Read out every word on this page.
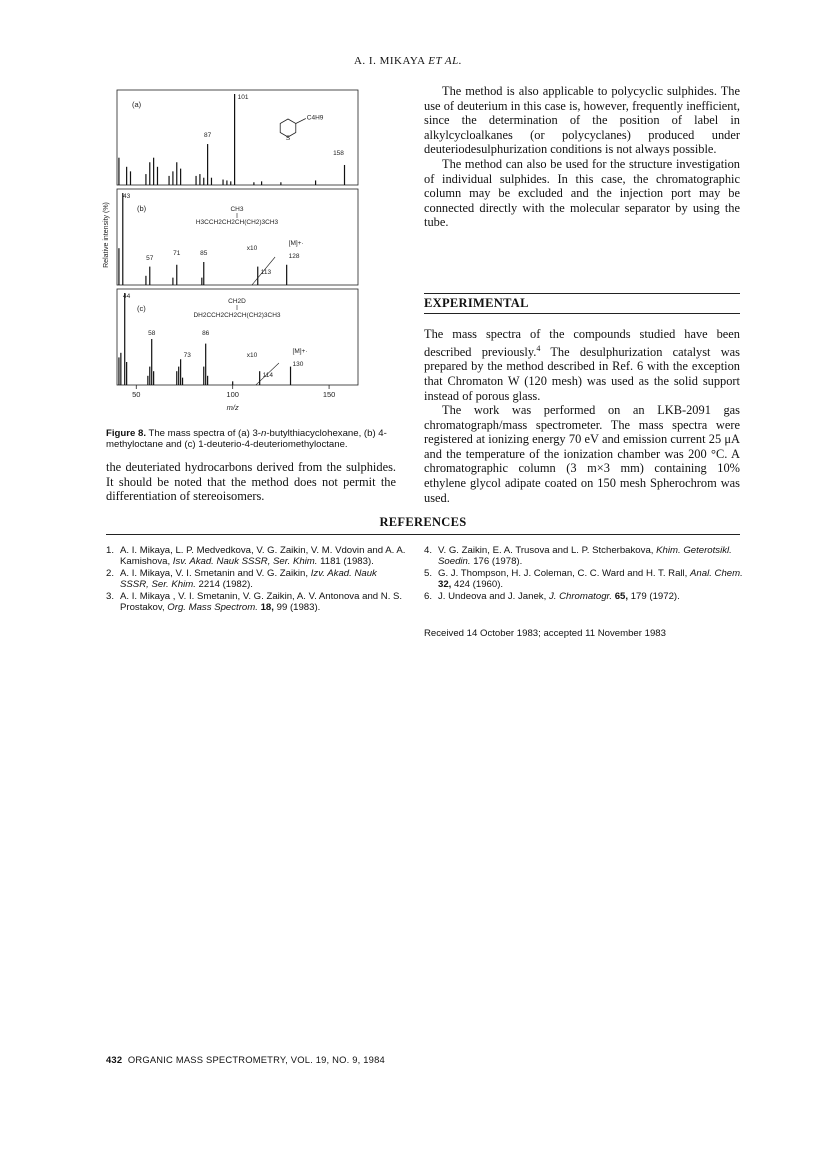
A. I. MIKAYA ET AL.
50	100	150
m/z
Relative intensity (%)
(a)
101
87
158
C4H9
S
43
(b)	CH3
H3CCH2CH2CH(CH2)3CH3
57
71	85
113
128
x10
[M]+·
44
(c)
CH2D
DH2CCH2CH2CH(CH2)3CH3
58	86
73
114
130
x10
[M]+·
Figure 8. The mass spectra of (a) 3-n-butylthiacyclohexane, (b) 4-methyloctane and (c) 1-deuterio-4-deuteriomethyloctane.

the deuteriated hydrocarbons derived from the sulphides. It should be noted that the method does not permit the differentiation of stereoisomers.

The method is also applicable to polycyclic sulphides. The use of deuterium in this case is, however, frequently inefficient, since the determination of the position of label in alkylcycloalkanes (or polycyclanes) produced under deuteriodesulphurization conditions is not always possible.

The method can also be used for the structure investigation of individual sulphides. In this case, the chromatographic column may be excluded and the injection port may be connected directly with the molecular separator by using the tube.

EXPERIMENTAL

The mass spectra of the compounds studied have been described previously.$^4$ The desulphurization catalyst was prepared by the method described in Ref. 6 with the exception that Chromaton W (120 mesh) was used as the solid support instead of porous glass.

The work was performed on an LKB-2091 gas chromatograph/mass spectrometer. The mass spectra were registered at ionizing energy 70 eV and emission current 25 μA and the temperature of the ionization chamber was 200 °C. A chromatographic column (3 m×3 mm) containing 10% ethylene glycol adipate coated on 150 mesh Spherochrom was used.

REFERENCES
1. A. I. Mikaya, L. P. Medvedkova, V. G. Zaikin, V. M. Vdovin and A. A. Kamishova, Isv. Akad. Nauk SSSR, Ser. Khim. 1181 (1983).
2. A. I. Mikaya, V. I. Smetanin and V. G. Zaikin, Izv. Akad. Nauk SSSR, Ser. Khim. 2214 (1982).
3. A. I. Mikaya , V. I. Smetanin, V. G. Zaikin, A. V. Antonova and N. S. Prostakov, Org. Mass Spectrom. 18, 99 (1983).
4. V. G. Zaikin, E. A. Trusova and L. P. Stcherbakova, Khim. Geterotsikl. Soedin. 176 (1978).
5. G. J. Thompson, H. J. Coleman, C. C. Ward and H. T. Rall, Anal. Chem. 32, 424 (1960).
6. J. Undeova and J. Janek, J. Chromatogr. 65, 179 (1972).
Received 14 October 1983; accepted 11 November 1983
432 ORGANIC MASS SPECTROMETRY, VOL. 19, NO. 9, 1984
